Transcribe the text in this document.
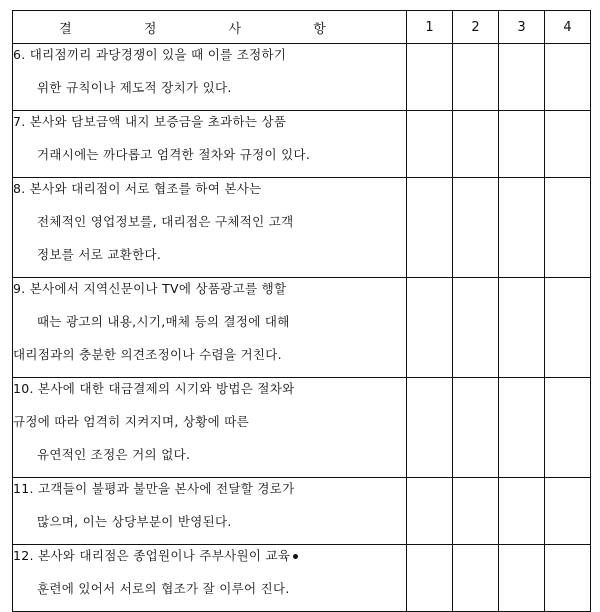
결 정 사 항	1	2	3	4

6. 대리점끼리 과당경쟁이 있을 때 이를 조정하기
위한 규칙이나 제도적 장치가 있다.				

7. 본사와 담보금액 내지 보증금을 초과하는 상품
거래시에는 까다롭고 엄격한 절차와 규정이 있다.				

8. 본사와 대리점이 서로 협조를 하여 본사는
전체적인 영업정보를, 대리점은 구체적인 고객
정보를 서로 교환한다.				

9. 본사에서 지역신문이나 TV에 상품광고를 행할
때는 광고의 내용,시기,매체 등의 결정에 대해
대리점과의 충분한 의견조정이나 수렴을 거친다.				

10. 본사에 대한 대금결제의 시기와 방법은 절차와
규정에 따라 엄격히 지켜지며, 상황에 따른
유연적인 조정은 거의 없다.				

11. 고객들이 불평과 불만을 본사에 전달할 경로가
많으며, 이는 상당부분이 반영된다.				

12. 본사와 대리점은 종업원이나 주부사원이 교육
훈련에 있어서 서로의 협조가 잘 이루어 진다.				
